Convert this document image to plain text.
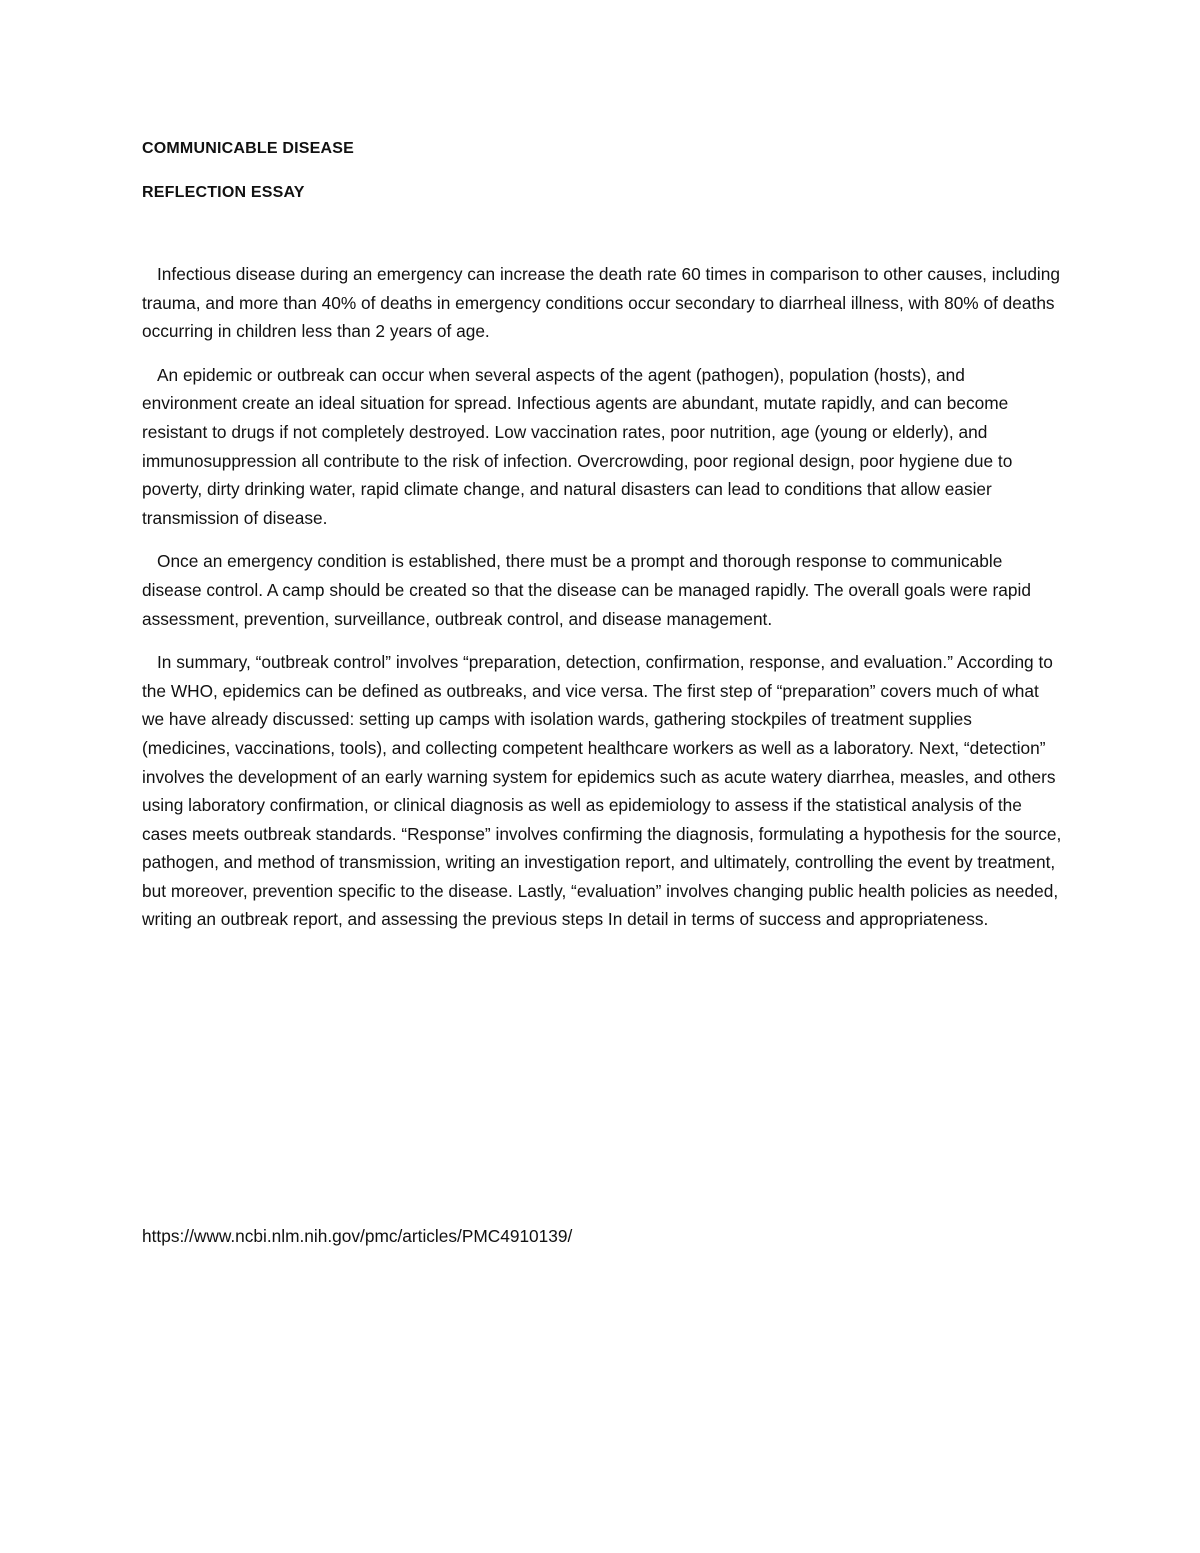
COMMUNICABLE DISEASE

REFLECTION ESSAY

Infectious disease during an emergency can increase the death rate 60 times in comparison to other causes, including trauma, and more than 40% of deaths in emergency conditions occur secondary to diarrheal illness, with 80% of deaths occurring in children less than 2 years of age.

An epidemic or outbreak can occur when several aspects of the agent (pathogen), population (hosts), and environment create an ideal situation for spread. Infectious agents are abundant, mutate rapidly, and can become resistant to drugs if not completely destroyed. Low vaccination rates, poor nutrition, age (young or elderly), and immunosuppression all contribute to the risk of infection. Overcrowding, poor regional design, poor hygiene due to poverty, dirty drinking water, rapid climate change, and natural disasters can lead to conditions that allow easier transmission of disease.

Once an emergency condition is established, there must be a prompt and thorough response to communicable disease control. A camp should be created so that the disease can be managed rapidly. The overall goals were rapid assessment, prevention, surveillance, outbreak control, and disease management.

In summary, “outbreak control” involves “preparation, detection, confirmation, response, and evaluation.” According to the WHO, epidemics can be defined as outbreaks, and vice versa. The first step of “preparation” covers much of what we have already discussed: setting up camps with isolation wards, gathering stockpiles of treatment supplies (medicines, vaccinations, tools), and collecting competent healthcare workers as well as a laboratory. Next, “detection” involves the development of an early warning system for epidemics such as acute watery diarrhea, measles, and others using laboratory confirmation, or clinical diagnosis as well as epidemiology to assess if the statistical analysis of the cases meets outbreak standards. “Response” involves confirming the diagnosis, formulating a hypothesis for the source, pathogen, and method of transmission, writing an investigation report, and ultimately, controlling the event by treatment, but moreover, prevention specific to the disease. Lastly, “evaluation” involves changing public health policies as needed, writing an outbreak report, and assessing the previous steps In detail in terms of success and appropriateness.

https://www.ncbi.nlm.nih.gov/pmc/articles/PMC4910139/
